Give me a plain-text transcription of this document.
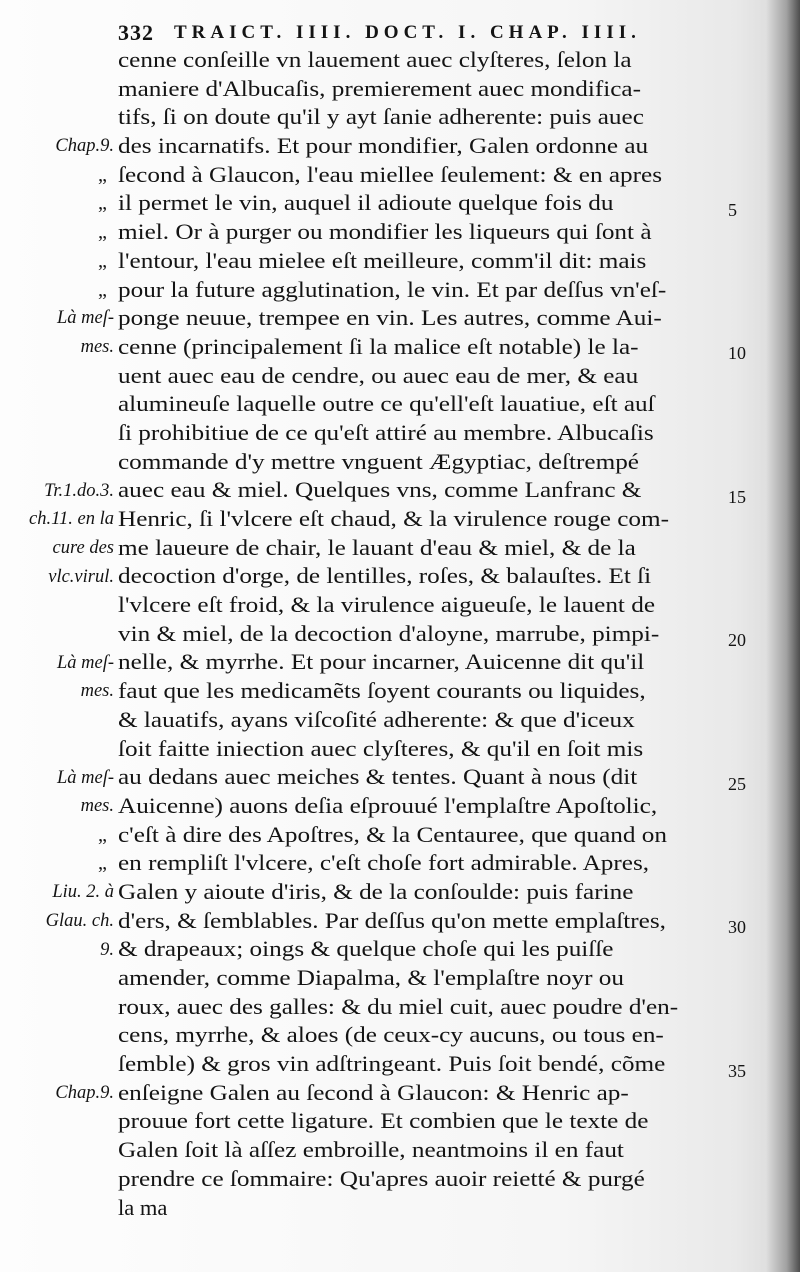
332 TRAICT. IIII. DOCT. I. CHAP. IIII.
Chap.9.
Là meſ-
mes.
Tr.1.do.3.
ch.11. en la
cure des
vlc.virul.
Là meſ-
mes.
Là meſ-
mes.
Liu. 2. à
Glau. ch.
9.
Chap.9.
cenne conſeille vn lauement auec clyſteres, ſelon la
maniere d'Albucaſis, premierement auec mondifica-
tifs, ſi on doute qu'il y ayt ſanie adherente: puis auec
des incarnatifs. Et pour mondifier, Galen ordonne au
„ ſecond à Glaucon, l'eau miellee ſeulement: & en apres
„ il permet le vin, auquel il adioute quelque fois du
„ miel. Or à purger ou mondifier les liqueurs qui ſont à
„ l'entour, l'eau mielee eſt meilleure, comm'il dit: mais
„ pour la future agglutination, le vin. Et par deſſus vn'eſ-
ponge neuue, trempee en vin. Les autres, comme Aui-
cenne (principalement ſi la malice eſt notable) le la-
uent auec eau de cendre, ou auec eau de mer, & eau
alumineuſe laquelle outre ce qu'ell'eſt lauatiue, eſt auſ
ſi prohibitiue de ce qu'eſt attiré au membre. Albucaſis
commande d'y mettre vnguent Ægyptiac, deſtrempé
auec eau & miel. Quelques vns, comme Lanfranc &
Henric, ſi l'vlcere eſt chaud, & la virulence rouge com-
me laueure de chair, le lauant d'eau & miel, & de la
decoction d'orge, de lentilles, roſes, & balauſtes. Et ſi
l'vlcere eſt froid, & la virulence aigueuſe, le lauent de
vin & miel, de la decoction d'aloyne, marrube, pimpi-
nelle, & myrrhe. Et pour incarner, Auicenne dit qu'il
faut que les medicamẽts ſoyent courants ou liquides,
& lauatifs, ayans viſcoſité adherente: & que d'iceux
ſoit faitte iniection auec clyſteres, & qu'il en ſoit mis
au dedans auec meiches & tentes. Quant à nous (dit
Auicenne) auons deſia eſprouué l'emplaſtre Apoſtolic,
„ c'eſt à dire des Apoſtres, & la Centauree, que quand on
„ en rempliſt l'vlcere, c'eſt choſe fort admirable. Apres,
Galen y aioute d'iris, & de la conſoulde: puis farine
d'ers, & ſemblables. Par deſſus qu'on mette emplaſtres,
& drapeaux; oings & quelque choſe qui les puiſſe
amender, comme Diapalma, & l'emplaſtre noyr ou
roux, auec des galles: & du miel cuit, auec poudre d'en-
cens, myrrhe, & aloes (de ceux-cy aucuns, ou tous en-
ſemble) & gros vin adſtringeant. Puis ſoit bendé, cõme
enſeigne Galen au ſecond à Glaucon: & Henric ap-
prouue fort cette ligature. Et combien que le texte de
Galen ſoit là aſſez embroille, neantmoins il en faut
prendre ce ſommaire: Qu'apres auoir reietté & purgé
la ma
5
10
15
20
25
30
35
